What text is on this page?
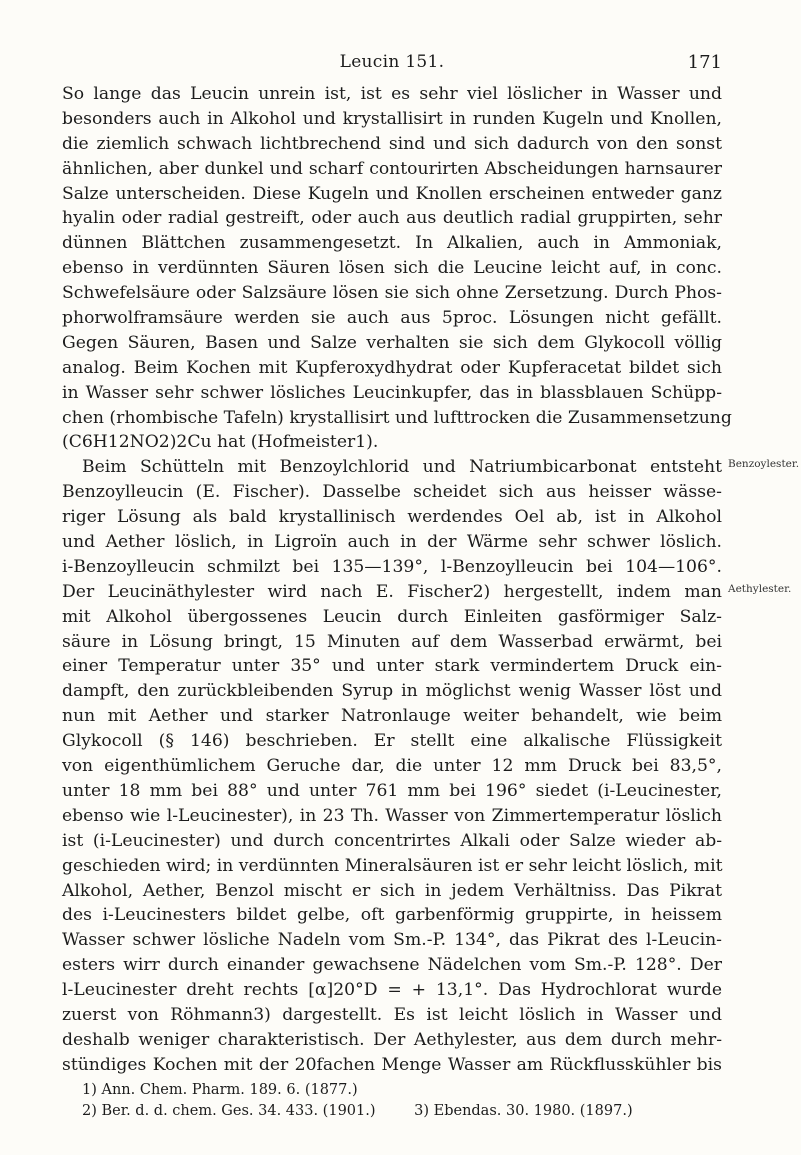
Leucin 151.	171
So lange das Leucin unrein ist, ist es sehr viel löslicher in Wasser und
besonders auch in Alkohol und krystallisirt in runden Kugeln und Knollen,
die ziemlich schwach lichtbrechend sind und sich dadurch von den sonst
ähnlichen, aber dunkel und scharf contourirten Abscheidungen harnsaurer
Salze unterscheiden. Diese Kugeln und Knollen erscheinen entweder ganz
hyalin oder radial gestreift, oder auch aus deutlich radial gruppirten, sehr
dünnen Blättchen zusammengesetzt. In Alkalien, auch in Ammoniak,
ebenso in verdünnten Säuren lösen sich die Leucine leicht auf, in conc.
Schwefelsäure oder Salzsäure lösen sie sich ohne Zersetzung. Durch Phos-
phorwolframsäure werden sie auch aus 5proc. Lösungen nicht gefällt.
Gegen Säuren, Basen und Salze verhalten sie sich dem Glykocoll völlig
analog. Beim Kochen mit Kupferoxydhydrat oder Kupferacetat bildet sich
in Wasser sehr schwer lösliches Leucinkupfer, das in blassblauen Schüpp-
chen (rhombische Tafeln) krystallisirt und lufttrocken die Zusammensetzung
(C6H12NO2)2Cu hat (Hofmeister1).
Beim Schütteln mit Benzoylchlorid und Natriumbicarbonat entsteht
Benzoylleucin (E. Fischer). Dasselbe scheidet sich aus heisser wässe-
riger Lösung als bald krystallinisch werdendes Oel ab, ist in Alkohol
und Aether löslich, in Ligroïn auch in der Wärme sehr schwer löslich.
i-Benzoylleucin schmilzt bei 135—139°, l-Benzoylleucin bei 104—106°.
Der Leucinäthylester wird nach E. Fischer2) hergestellt, indem man
mit Alkohol übergossenes Leucin durch Einleiten gasförmiger Salz-
säure in Lösung bringt, 15 Minuten auf dem Wasserbad erwärmt, bei
einer Temperatur unter 35° und unter stark vermindertem Druck ein-
dampft, den zurückbleibenden Syrup in möglichst wenig Wasser löst und
nun mit Aether und starker Natronlauge weiter behandelt, wie beim
Glykocoll (§ 146) beschrieben. Er stellt eine alkalische Flüssigkeit
von eigenthümlichem Geruche dar, die unter 12 mm Druck bei 83,5°,
unter 18 mm bei 88° und unter 761 mm bei 196° siedet (i-Leucinester,
ebenso wie l-Leucinester), in 23 Th. Wasser von Zimmertemperatur löslich
ist (i-Leucinester) und durch concentrirtes Alkali oder Salze wieder ab-
geschieden wird; in verdünnten Mineralsäuren ist er sehr leicht löslich, mit
Alkohol, Aether, Benzol mischt er sich in jedem Verhältniss. Das Pikrat
des i-Leucinesters bildet gelbe, oft garbenförmig gruppirte, in heissem
Wasser schwer lösliche Nadeln vom Sm.-P. 134°, das Pikrat des l-Leucin-
esters wirr durch einander gewachsene Nädelchen vom Sm.-P. 128°. Der
l-Leucinester dreht rechts [α]20°D = + 13,1°. Das Hydrochlorat wurde
zuerst von Röhmann3) dargestellt. Es ist leicht löslich in Wasser und
deshalb weniger charakteristisch. Der Aethylester, aus dem durch mehr-
stündiges Kochen mit der 20fachen Menge Wasser am Rückflusskühler bis
Benzoylester.
Aethylester.
1) Ann. Chem. Pharm. 189. 6. (1877.)
2) Ber. d. d. chem. Ges. 34. 433. (1901.)	3) Ebendas. 30. 1980. (1897.)
